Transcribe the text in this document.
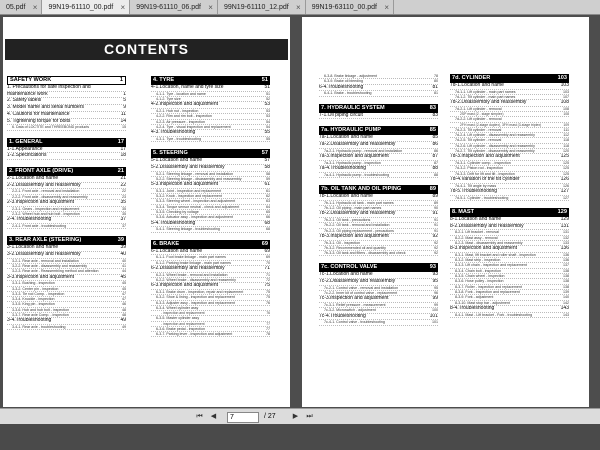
05.pdf ×	99N19-61110_00.pdf ×	99N19-61110_06.pdf ×	99N19-61110_12.pdf ×	99N19-63110_00.pdf ×
CONTENTS
SAFETY WORK	1
1. Precautions for safe inspection and
maintenance work	1
2. Safety labels	5
3. Model name and serial numbers	9
4. Cautions for maintenance	11
5. Tightening torque for bolts	14
6. Data of LOCTITE and THREEBOND products	15
1. GENERAL	17
1-1.Appearance	17
1-2.Specifications	18
2. FRONT AXLE (DRIVE)	21
2-1.Location and name	21
2-2.Disassembly and reassembly	22
2-2-1. Front axle - removal and installation	22
2-2-2. Front axle - disassembly and reassembly	23
2-3.Inspection and adjustment	35
2-3-1. Gears - inspection and replacement	35
2-3-2. Wheel hub and hub bolt - inspection	35
2-4.Troubleshooting	37
2-4-1. Front axle - troubleshooting	37
3. REAR AXLE (STEERING)	39
3-1.Location and name	39
3-2.Disassembly and reassembly	40
3-2-1. Rear axle - removal and installation	40
3-2-2. Rear axle - disassembly and reassembly	41
3-2-3. Rear axle - Reassembling method and attention	44
3-3.Inspection and adjustment	45
3-3-1. Bushing - inspection	45
3-3-2. Center pin - inspection	45
3-3-3. Tie rod Comp. - inspection	47
3-3-4. Knuckle - inspection	47
3-3-5. King pin - inspection	46
3-3-6. Hub and hub bolt - inspection	48
3-3-7. Rear axle Comp. - inspection	48
3-4.Troubleshooting	49
3-4-1. Rear axle - troubleshooting	49
4. TYRE	51
4-1.Location, name and tyre size	51
4-1-1. Tyre - location and name	51
4-1-2. Tyre size	52
4-2.Inspection and adjustment	53
4-2-1. Hub nut - inspection	53
4-2-2. Rim and rim bolt - inspection	53
4-2-3. Air pressure - inspection	54
4-2-4. Tyre - visual inspection and replacement	54
4-3.Troubleshooting	55
4-3-1. Tyre - troubleshooting	55
5. STEERING	57
5-1.Location and name	57
5-2.Disassembly and reassembly	58
5-2-1. Steering linkage - removal and installation	58
5-2-2. Steering linkage - disassembly and reassembly	59
5-3.Inspection and adjustment	61
5-3-1. Joint - inspection and replacement	61
5-3-2. Knob - inspection and replacement	62
5-3-3. Steering wheel - inspection and adjustment	63
5-3-4. Torque sensor neutral - check and adjustment	64
5-3-5. Checking by voltage	65
5-3-6. Actuator assy - inspection and adjustment	66
5-4.Troubleshooting	68
5-4-1. Steering linkage - troubleshooting	68
6. BRAKE	69
6-1.Location and name	69
6-1-1. Foot brake linkage - main part names	69
6-1-2. Parking brake linkage - main part names	70
6-2.Disassembly and reassembly	71
6-2-1. Wheel brake - removal and installation	71
6-2-2. Wheel brake - disassembly and reassembly	72
6-3.Inspection and adjustment	75
6-3-1. Brake drum - inspection, repair and replacement	75
6-3-2. Shoe & lining - inspection and replacement	75
6-3-3. Adjuster assy - inspection and replacement	76
6-3-4. Wheel cylinder assy
- inspection and replacement	76
6-3-5. Master cylinder assy
- inspection and replacement	77
6-3-6. Brake pedal - inspection	77
6-3-7. Parking lever - inspection and adjustment	78
6-3-8. Brake linkage - adjustment	78
6-3-9. Brake oil bleeding	80
6-4.Troubleshooting	81
6-4-1. Brake - troubleshooting	81
7. HYDRAULIC SYSTEM	83
7-1.Oil piping circuit	83
7a. HYDRAULIC PUMP	85
7a-1.Location and name	85
7a-2.Disassembly and reassembly	86
7a-2-1. Hydraulic pump - removal and installation	86
7a-3.Inspection and adjustment	87
7a-3-1. Hydraulic pump - inspection	87
7a-4.Troubleshooting	88
7a-4-1. Hydraulic pump - troubleshooting	88
7b. OIL TANK AND OIL PIPING	89
7b-1.Location and name	89
7b-1-1. Hydraulic oil tank - main part names	89
7b-1-2. Oil piping - main part names	90
7b-2.Disassembly and reassembly	91
7b-2-1. Oil tank - precautions	91
7b-2-2. Oil tank - removal and installation	91
7b-2-3. Oil piping replacement - precautions	91
7b-3.Inspection and adjustment	92
7b-3-1. Oil - inspection	92
7b-3-2. Recommended oil and quantity	92
7b-3-3. Oil tank and filters - disassembly and check	92
7c. CONTROL VALVE	93
7c-1.Location and name	93
7c-2.Disassembly and reassembly	95
7c-2-1. Control valve - removal and installation	95
7c-2-2. Inner kit of control valve - replacement	96
7c-3.Inspection and adjustment	99
7c-3-1. Relief pressure - measurement	99
7c-3-2. Microswitch - adjustment	100
7c-4.Troubleshooting	101
7c-4-1. Control valve - troubleshooting	101
7d. CYLINDER	103
7d-1.Location and name	103
7d-1-1. Lift cylinder - main part names	103
7d-1-2. Tilt cylinder - main part names	107
7d-2.Disassembly and reassembly	108
7d-2-1. Lift cylinder - removal	108
2SP mast (2 - stage simplex)	108
7d-2-2. Lift cylinder - removal
2FH mast (2-stage duplex), 3FH mast (3-stage triplex)	109
7d-2-3. Tilt cylinder - removal	111
7d-2-4. Lift cylinder - disassembly and reassembly	112
7d-2-5. Tilt cylinder - removal	118
7d-2-6. Lift cylinder - disassembly and reassembly	118
7d-2-7. Tilt cylinder - disassembly and reassembly	120
7d-3.Inspection and adjustment	125
7d-3-1. Cylinder comp. - inspection	125
7d-3-2. Piston rod - inspection	125
7d-3-3. Drift for lift and tilt - inspection	125
7d-4.Variation of the tilt cylinder	126
7d-4-1. Tilt angle by mass	126
7d-5.Troubleshooting	127
7d-5-1. Cylinder - troubleshooting	127
8. MAST	129
8-1.Location and name	129
8-2.Disassembly and reassembly	131
8-2-1. Lift bracket - removal	131
8-2-2. Mast assy - removal	132
8-2-3. Mast - disassembly and reassembly	133
8-3.Inspection and adjustment	136
8-3-1. Mast, lift bracket and roller shaft - inspection	136
8-3-2. Mast strip - inspection	136
8-3-3. Lift chain - inspection and replacement	137
8-3-4. Chain bolt - inspection	138
8-3-5. Chain wheel - inspection	138
8-3-6. Hose pulley - inspection	138
8-3-7. Roller - inspection and replacement	138
8-3-8. Fork - inspection and replacement	139
8-3-9. Fork - adjustment	140
8-3-10. Mast stop bar - adjustment	142
8-4.Troubleshooting	143
8-4-1. Mast - Lift bracket - Fork - troubleshooting	143
⏮	◀	7	/ 27	▶	⏭
